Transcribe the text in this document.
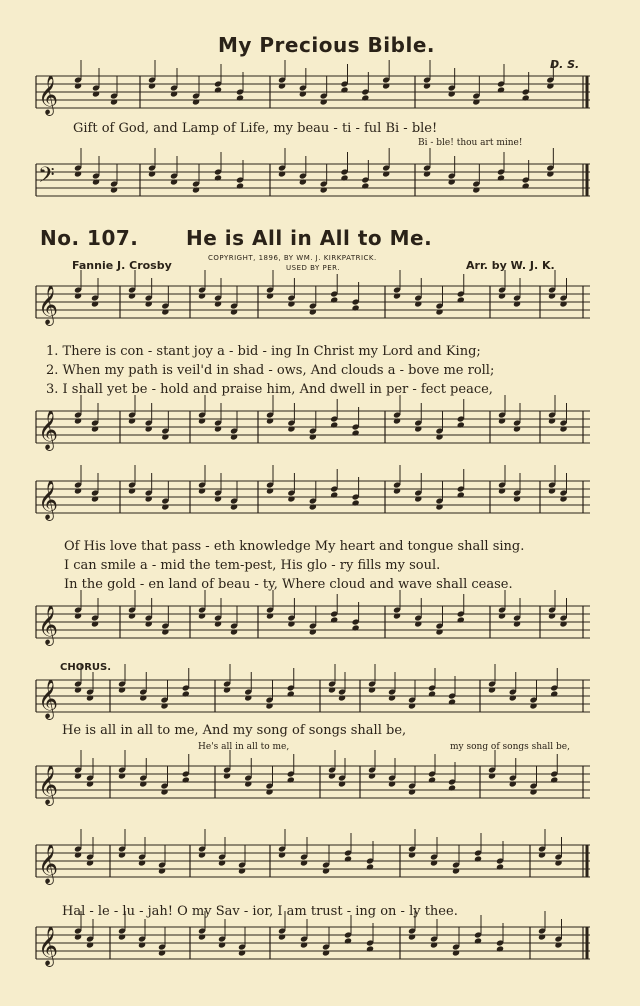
𝄞
𝄢
𝄞
𝄞
𝄞
𝄞
𝄞
𝄞
𝄞
𝄞
My Precious Bible.
D. S.
Gift of God, and Lamp of Life, my beau - ti - ful Bi - ble!
Bi - ble! thou art mine!
No. 107. He is All in All to Me.
Fannie J. Crosby
COPYRIGHT, 1896, BY WM. J. KIRKPATRICK.
USED BY PER.	Arr. by W. J. K.
1. There is con - stant joy a - bid - ing In Christ my Lord and King;
2. When my path is veil'd in shad - ows, And clouds a - bove me roll;
3. I shall yet be - hold and praise him, And dwell in per - fect peace,
Of His love that pass - eth knowledge My heart and tongue shall sing.
I can smile a - mid the tem-pest, His glo - ry fills my soul.
In the gold - en land of beau - ty, Where cloud and wave shall cease.
CHORUS.
He is all in all to me, And my song of songs shall be,
He's all in all to me,	my song of songs shall be,
Hal - le - lu - jah! O my Sav - ior, I am trust - ing on - ly thee.
